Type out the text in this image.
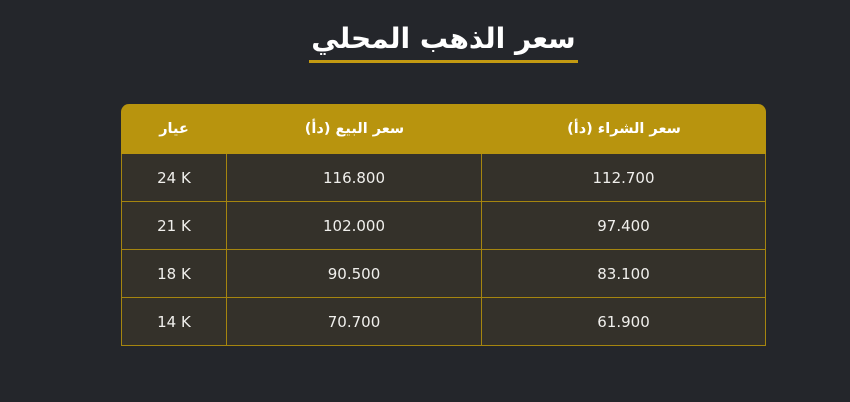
سعر الذهب المحلي
عيار	سعر البيع (دأ)	سعر الشراء (دأ)
24 K	116.800	112.700
21 K	102.000	97.400
18 K	90.500	83.100
14 K	70.700	61.900
